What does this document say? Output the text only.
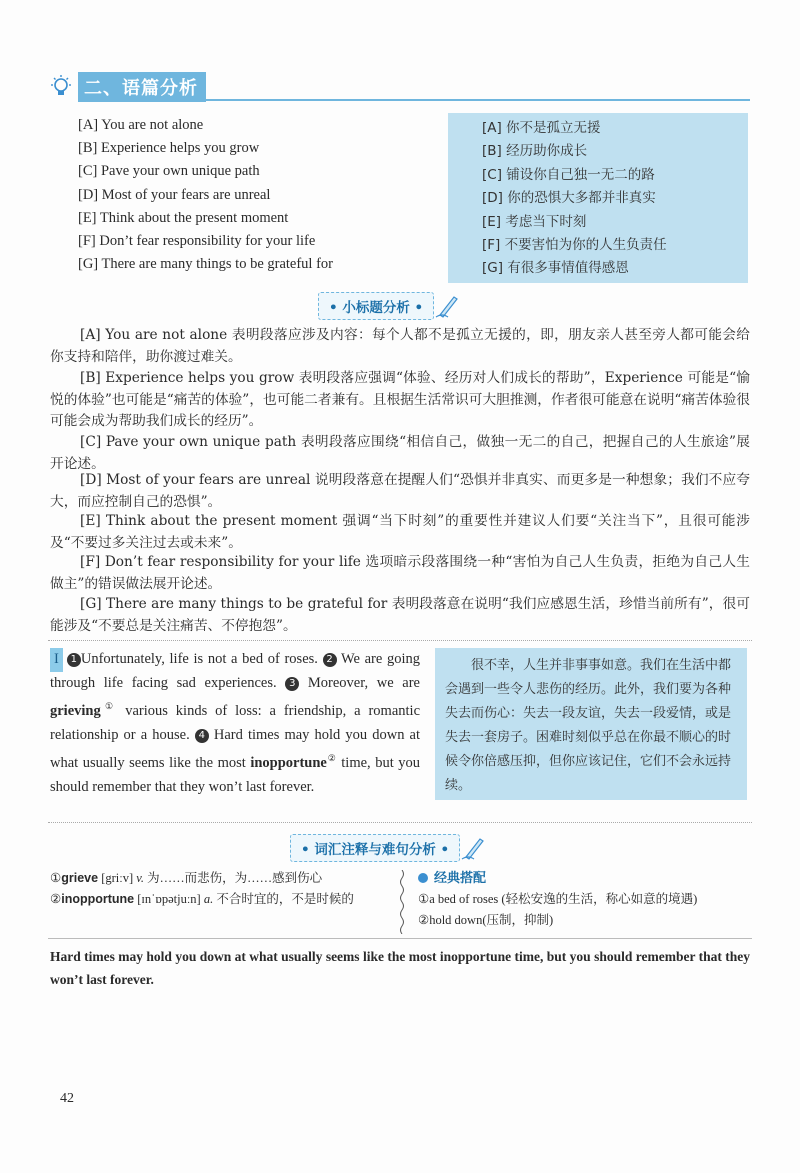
二、语篇分析
[A] You are not alone
[B] Experience helps you grow
[C] Pave your own unique path
[D] Most of your fears are unreal
[E] Think about the present moment
[F] Don’t fear responsibility for your life
[G] There are many things to be grateful for
[A] 你不是孤立无援
[B] 经历助你成长
[C] 铺设你自己独一无二的路
[D] 你的恐惧大多都并非真实
[E] 考虑当下时刻
[F] 不要害怕为你的人生负责任
[G] 有很多事情值得感恩
• 小标题分析 •
[A] You are not alone 表明段落应涉及内容：每个人都不是孤立无援的，即，朋友亲人甚至旁人都可能会给你支持和陪伴，助你渡过难关。
[B] Experience helps you grow 表明段落应强调“体验、经历对人们成长的帮助”，Experience 可能是“愉悦的体验”也可能是“痛苦的体验”，也可能二者兼有。且根据生活常识可大胆推测，作者很可能意在说明“痛苦体验很可能会成为帮助我们成长的经历”。
[C] Pave your own unique path 表明段落应围绕“相信自己，做独一无二的自己，把握自己的人生旅途”展开论述。
[D] Most of your fears are unreal 说明段落意在提醒人们“恐惧并非真实、而更多是一种想象；我们不应夸大，而应控制自己的恐惧”。
[E] Think about the present moment 强调“当下时刻”的重要性并建议人们要“关注当下”，且很可能涉及“不要过多关注过去或未来”。
[F] Don’t fear responsibility for your life 选项暗示段落围绕一种“害怕为自己人生负责，拒绝为自己人生做主”的错误做法展开论述。
[G] There are many things to be grateful for 表明段落意在说明“我们应感恩生活，珍惜当前所有”，很可能涉及“不要总是关注痛苦、不停抱怨”。
I 1 Unfortunately, life is not a bed of roses. 2 We are going through life facing sad experiences. 3 Moreover, we are grieving① various kinds of loss: a friendship, a romantic relationship or a house. 4 Hard times may hold you down at what usually seems like the most inopportune② time, but you should remember that they won’t last forever.
很不幸，人生并非事事如意。我们在生活中都会遇到一些令人悲伤的经历。此外，我们要为各种失去而伤心：失去一段友谊，失去一段爱情，或是失去一套房子。困难时刻似乎总在你最不顺心的时候令你倍感压抑，但你应该记住，它们不会永远持续。
• 词汇注释与难句分析 •
①grieve [griːv] v. 为……而悲伤，为……感到伤心
②inopportune [ɪnˈɒpətjuːn] a. 不合时宜的，不是时候的
经典搭配
①a bed of roses (轻松安逸的生活，称心如意的境遇)
②hold down(压制，抑制)
Hard times may hold you down at what usually seems like the most inopportune time, but you should remember that they won’t last forever.
42
